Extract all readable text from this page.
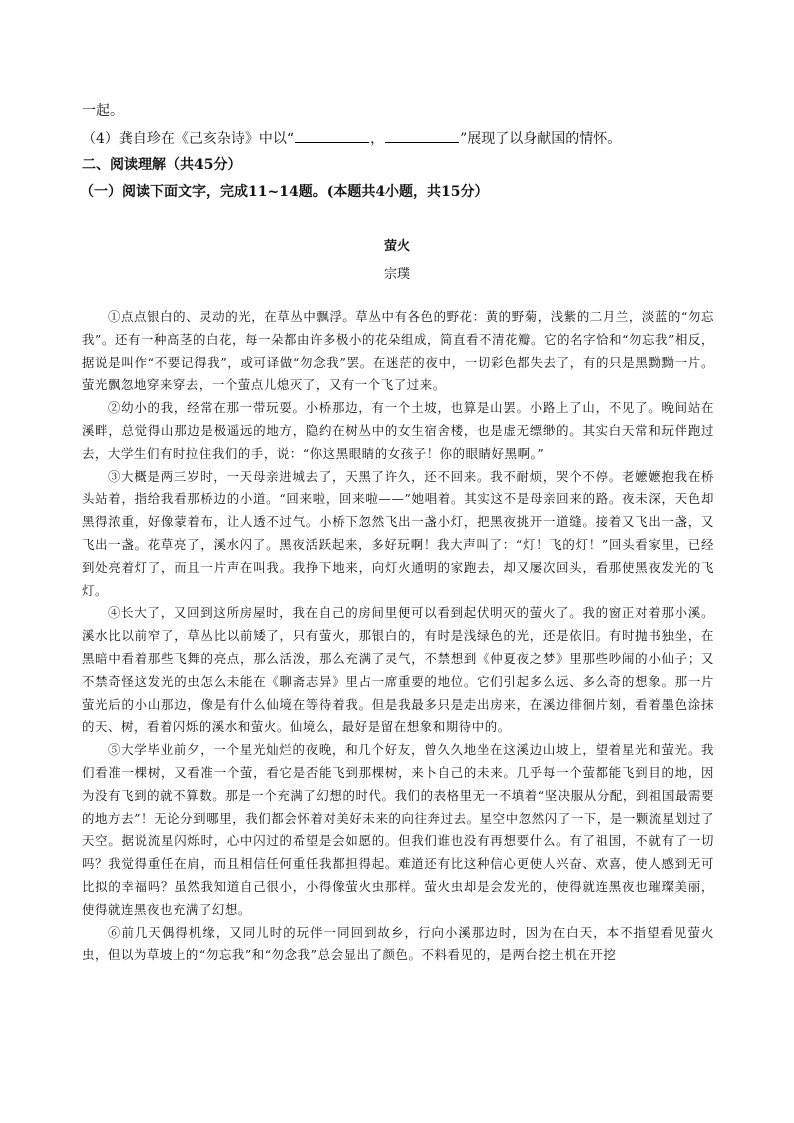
一起。
（4）龚自珍在《己亥杂诗》中以“	，	”展现了以身献国的情怀。
二、阅读理解（共45分）
（一）阅读下面文字，完成11~14题。(本题共4小题，共15分）
萤火
宗璞

①点点银白的、灵动的光，在草丛中飘浮。草丛中有各色的野花：黄的野菊，浅紫的二月兰，淡蓝的“勿忘我”。还有一种高茎的白花，每一朵都由许多极小的花朵组成，简直看不清花瓣。它的名字恰和“勿忘我”相反，据说是叫作“不要记得我”，或可译做“勿念我”罢。在迷茫的夜中，一切彩色都失去了，有的只是黑黝黝一片。萤光飘忽地穿来穿去，一个萤点儿熄灭了，又有一个飞了过来。

②幼小的我，经常在那一带玩耍。小桥那边，有一个土坡，也算是山罢。小路上了山，不见了。晚间站在溪畔，总觉得山那边是极遥远的地方，隐约在树丛中的女生宿舍楼，也是虚无缥缈的。其实白天常和玩伴跑过去，大学生们有时拉住我们的手，说：“你这黑眼睛的女孩子！你的眼睛好黑啊。”

③大概是两三岁时，一天母亲进城去了，天黑了许久，还不回来。我不耐烦，哭个不停。老嬷嬷抱我在桥头站着，指给我看那桥边的小道。“回来啦，回来啦——”她唱着。其实这不是母亲回来的路。夜未深，天色却黑得浓重，好像蒙着布，让人透不过气。小桥下忽然飞出一盏小灯，把黑夜挑开一道缝。接着又飞出一盏，又飞出一盏。花草亮了，溪水闪了。黑夜活跃起来，多好玩啊！我大声叫了：“灯！飞的灯！”回头看家里，已经到处亮着灯了，而且一片声在叫我。我挣下地来，向灯火通明的家跑去，却又屡次回头，看那使黑夜发光的飞灯。

④长大了，又回到这所房屋时，我在自己的房间里便可以看到起伏明灭的萤火了。我的窗正对着那小溪。溪水比以前窄了，草丛比以前矮了，只有萤火，那银白的，有时是浅绿色的光，还是依旧。有时抛书独坐，在黑暗中看着那些飞舞的亮点，那么活泼，那么充满了灵气，不禁想到《仲夏夜之梦》里那些吵闹的小仙子；又不禁奇怪这发光的虫怎么未能在《聊斋志异》里占一席重要的地位。它们引起多么远、多么奇的想象。那一片萤光后的小山那边，像是有什么仙境在等待着我。但是我最多只是走出房来，在溪边徘徊片刻，看着墨色涂抹的天、树，看着闪烁的溪水和萤火。仙境么，最好是留在想象和期待中的。

⑤大学毕业前夕，一个星光灿烂的夜晚，和几个好友，曾久久地坐在这溪边山坡上，望着星光和萤光。我们看准一棵树，又看准一个萤，看它是否能飞到那棵树，来卜自己的未来。几乎每一个萤都能飞到目的地，因为没有飞到的就不算数。那是一个充满了幻想的时代。我们的表格里无一不填着“坚决服从分配，到祖国最需要的地方去”！无论分到哪里，我们都会怀着对美好未来的向往奔过去。星空中忽然闪了一下，是一颗流星划过了天空。据说流星闪烁时，心中闪过的希望是会如愿的。但我们谁也没有再想要什么。有了祖国，不就有了一切吗？我觉得重任在肩，而且相信任何重任我都担得起。难道还有比这种信心更使人兴奋、欢喜，使人感到无可比拟的幸福吗？虽然我知道自己很小，小得像萤火虫那样。萤火虫却是会发光的，使得就连黑夜也璀璨美丽，使得就连黑夜也充满了幻想。

⑥前几天偶得机缘，又同儿时的玩伴一同回到故乡，行向小溪那边时，因为在白天，本不指望看见萤火虫，但以为草坡上的“勿忘我”和“勿念我”总会显出了颜色。不料看见的，是两台挖土机在开挖
